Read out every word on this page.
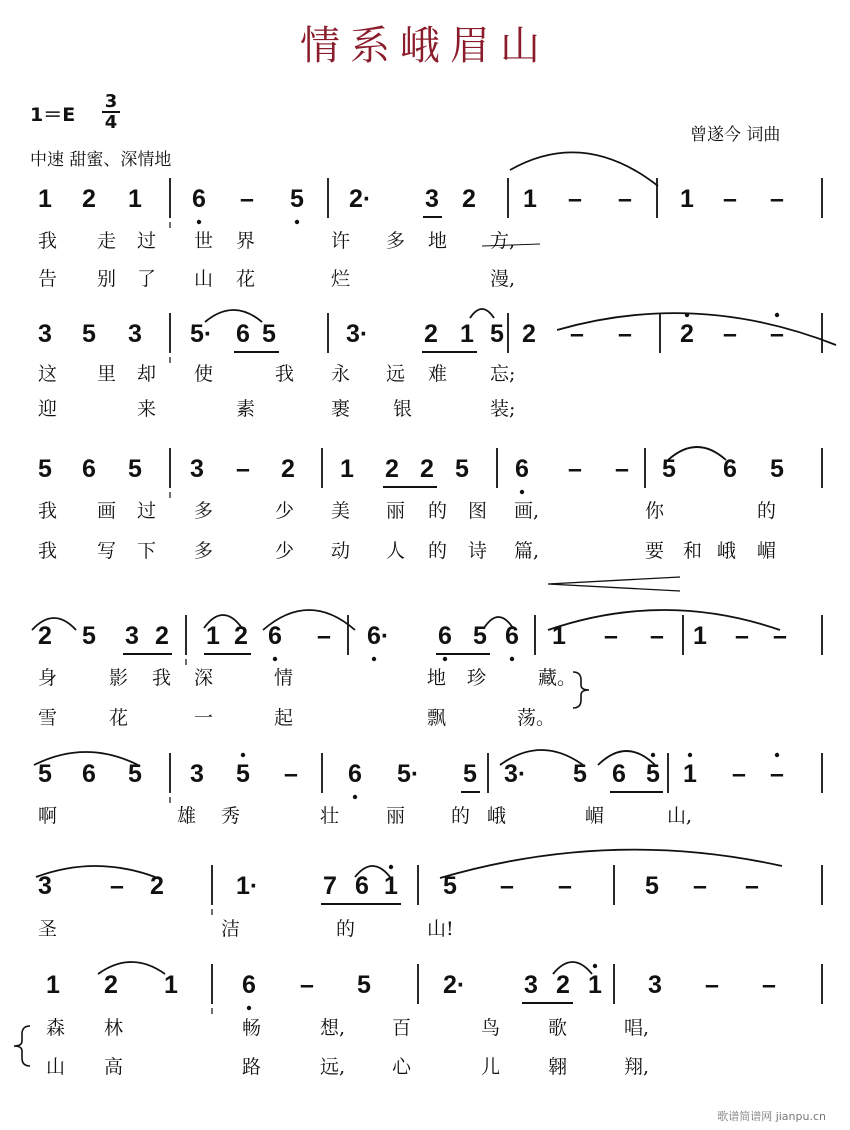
情系峨眉山
$1=E \frac{3}{4}$
中速 甜蜜、深情地
曾遂今 词曲
1 2 1 6 – 5 2· 3 2 1 – – 1 – –
我 走 过 世 界	许 多 地 方,
告 别 了 山 花	烂	漫,
3 5 3 5· 6 5	3· 2 1 5 2 – – 2 – –
这 里 却 使	我 永 远 难 忘;
迎	来	素	裹 银	装;
5 6 5 3 – 2 1 2 2 5 6 – – 5 6 5
我 画 过 多	少 美 丽 的 图 画,	你	的
我 写 下 多	少 动 人 的 诗 篇,	要 和 峨 嵋
2 5 3 2 1 2 6 – 6· 6 5 6 1 – – 1 – –
身	影 我 深	情	地 珍	藏。
雪	花	一	起	飘	荡。
5 6 5 3 5 – 6 5· 5 3· 5 6 5 1 – –
啊	雄 秀	壮 丽 的 峨	嵋	山,
3 – 2	1·	7 6 1 5 – –	5 – –
圣	洁	的	山!
1 2 1	6 – 5	2· 3 2 1 3 – –
森 林	畅	想, 百	鸟	歌	唱,
山 高	路	远, 心	儿	翱	翔,
歌谱简谱网 jianpu.cn
